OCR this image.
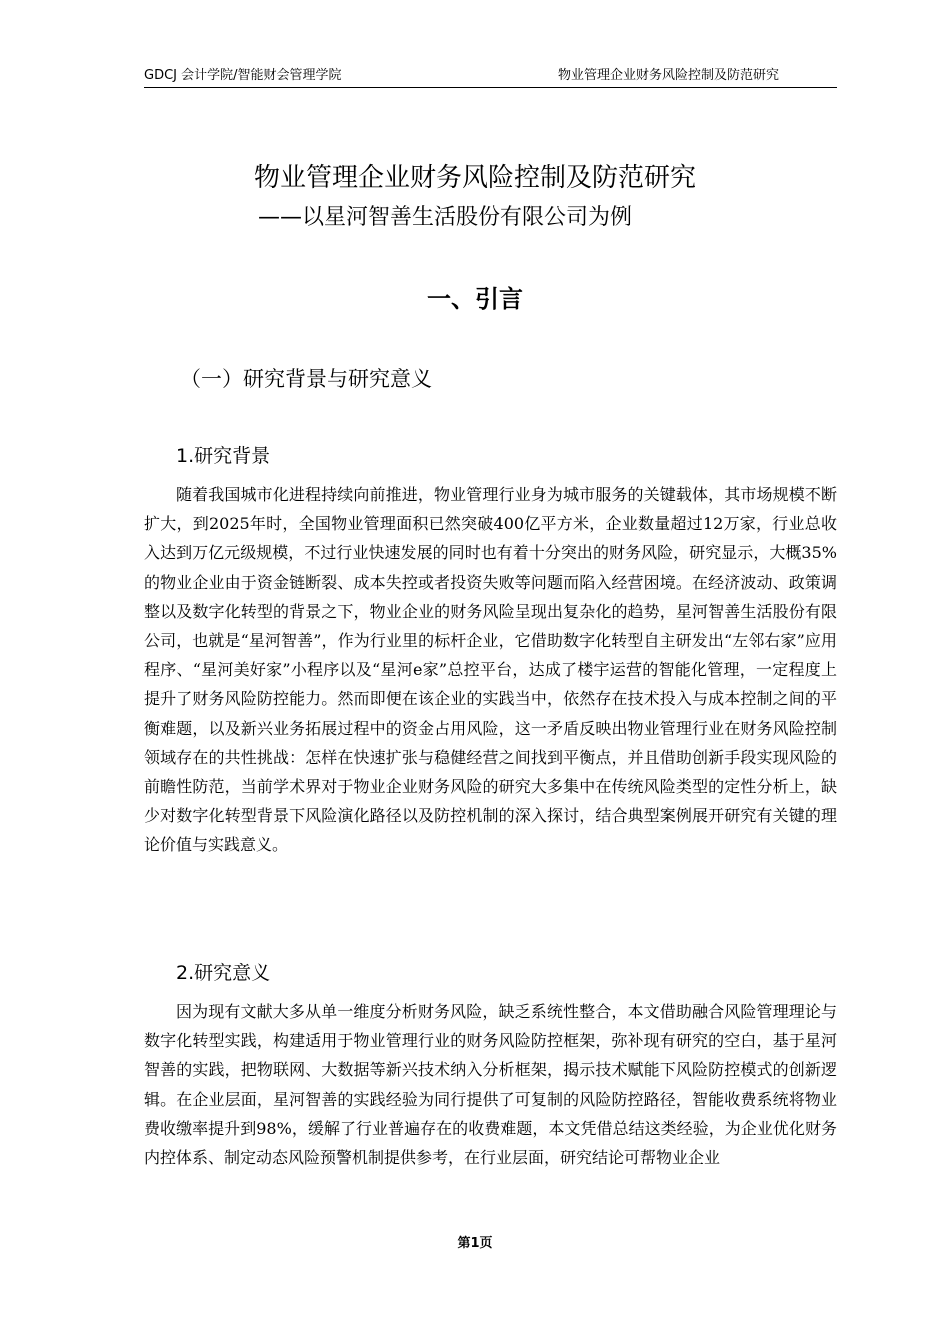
GDCJ 会计学院/智能财会管理学院	物业管理企业财务风险控制及防范研究
物业管理企业财务风险控制及防范研究
——以星河智善生活股份有限公司为例
一、引言
（一）研究背景与研究意义
1.研究背景

随着我国城市化进程持续向前推进，物业管理行业身为城市服务的关键载体，其市场规模不断扩大，到2025年时，全国物业管理面积已然突破400亿平方米，企业数量超过12万家，行业总收入达到万亿元级规模，不过行业快速发展的同时也有着十分突出的财务风险，研究显示，大概35%的物业企业由于资金链断裂、成本失控或者投资失败等问题而陷入经营困境。在经济波动、政策调整以及数字化转型的背景之下，物业企业的财务风险呈现出复杂化的趋势，星河智善生活股份有限公司，也就是“星河智善”，作为行业里的标杆企业，它借助数字化转型自主研发出“左邻右家”应用程序、“星河美好家”小程序以及“星河e家”总控平台，达成了楼宇运营的智能化管理，一定程度上提升了财务风险防控能力。然而即便在该企业的实践当中，依然存在技术投入与成本控制之间的平衡难题，以及新兴业务拓展过程中的资金占用风险，这一矛盾反映出物业管理行业在财务风险控制领域存在的共性挑战：怎样在快速扩张与稳健经营之间找到平衡点，并且借助创新手段实现风险的前瞻性防范，当前学术界对于物业企业财务风险的研究大多集中在传统风险类型的定性分析上，缺少对数字化转型背景下风险演化路径以及防控机制的深入探讨，结合典型案例展开研究有关键的理论价值与实践意义。

2.研究意义

因为现有文献大多从单一维度分析财务风险，缺乏系统性整合，本文借助融合风险管理理论与数字化转型实践，构建适用于物业管理行业的财务风险防控框架，弥补现有研究的空白，基于星河智善的实践，把物联网、大数据等新兴技术纳入分析框架，揭示技术赋能下风险防控模式的创新逻辑。在企业层面，星河智善的实践经验为同行提供了可复制的风险防控路径，智能收费系统将物业费收缴率提升到98%，缓解了行业普遍存在的收费难题，本文凭借总结这类经验，为企业优化财务内控体系、制定动态风险预警机制提供参考，在行业层面，研究结论可帮物业企业

第1页
